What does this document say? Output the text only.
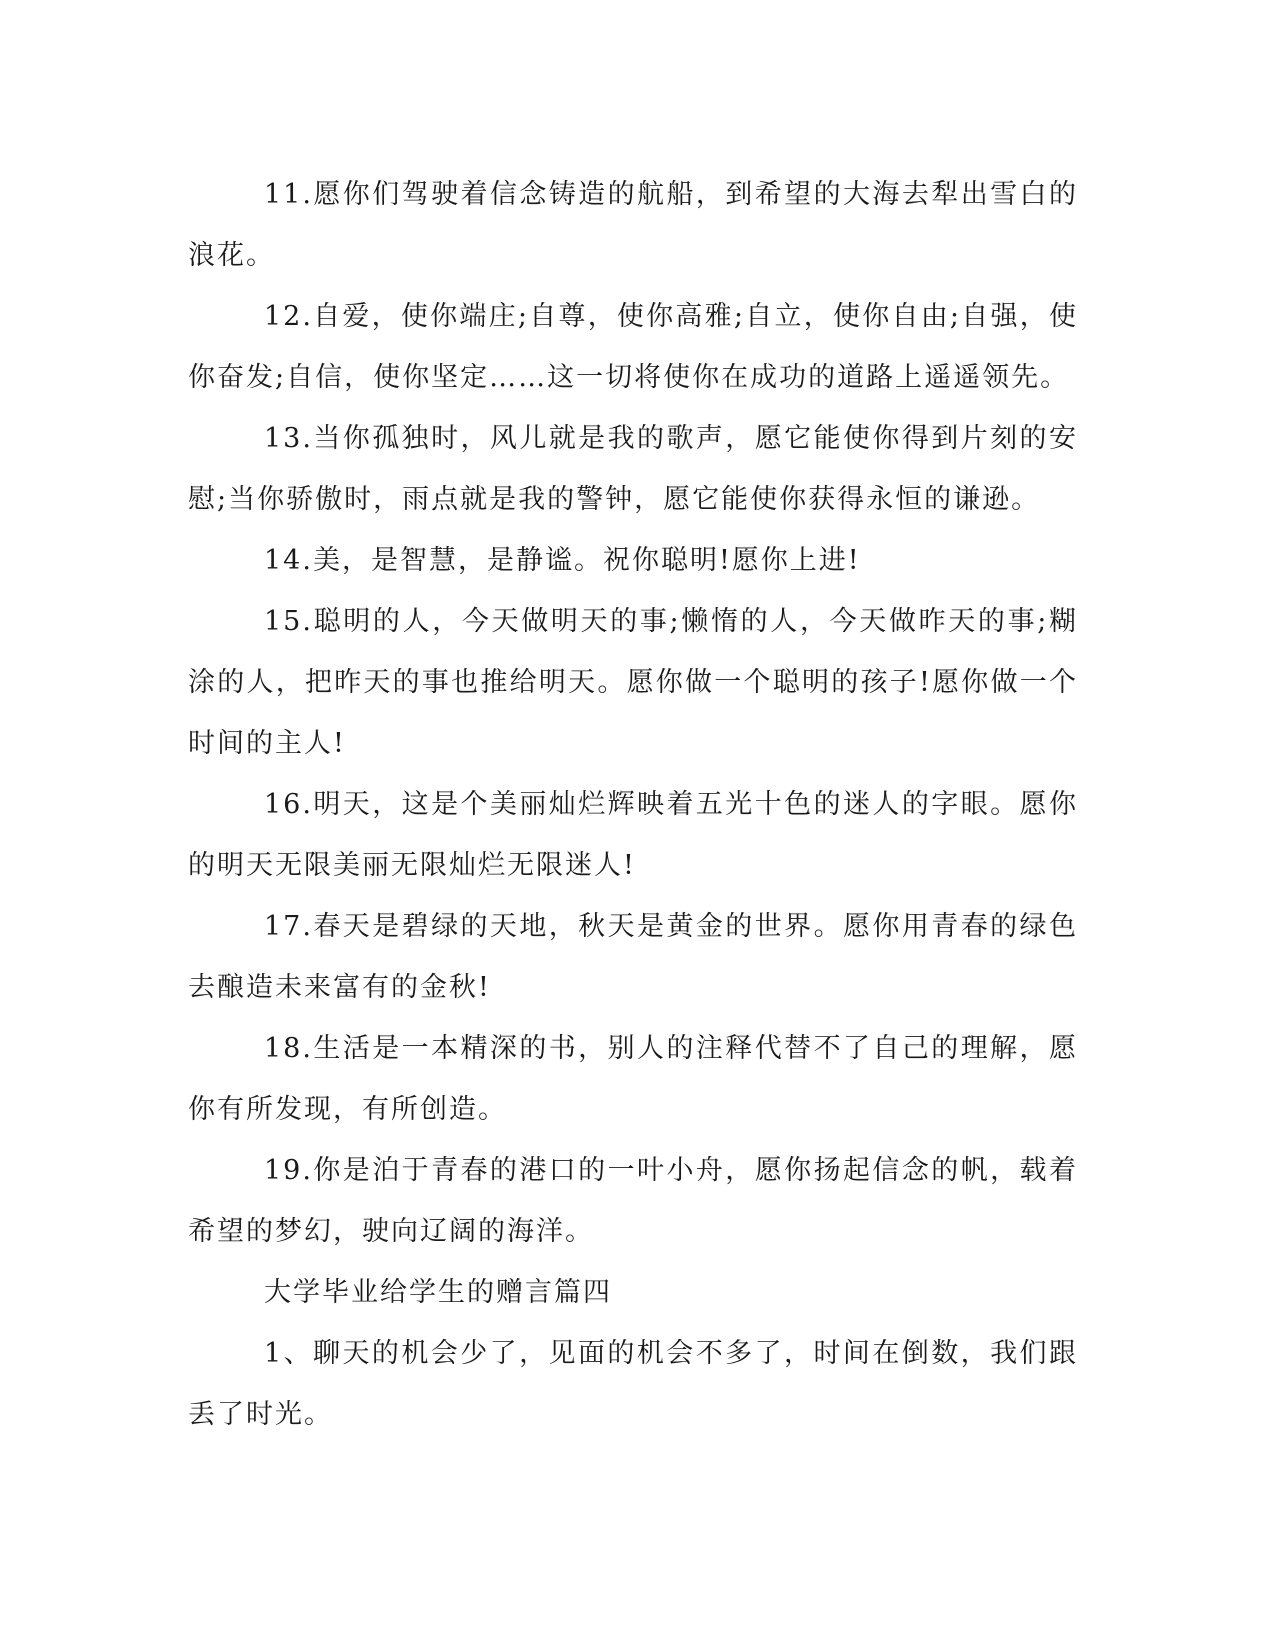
11.愿你们驾驶着信念铸造的航船，到希望的大海去犁出雪白的浪花。

12.自爱，使你端庄;自尊，使你高雅;自立，使你自由;自强，使你奋发;自信，使你坚定……这一切将使你在成功的道路上遥遥领先。

13.当你孤独时，风儿就是我的歌声，愿它能使你得到片刻的安慰;当你骄傲时，雨点就是我的警钟，愿它能使你获得永恒的谦逊。

14.美，是智慧，是静谧。祝你聪明!愿你上进!

15.聪明的人，今天做明天的事;懒惰的人，今天做昨天的事;糊涂的人，把昨天的事也推给明天。愿你做一个聪明的孩子!愿你做一个时间的主人!

16.明天，这是个美丽灿烂辉映着五光十色的迷人的字眼。愿你的明天无限美丽无限灿烂无限迷人!

17.春天是碧绿的天地，秋天是黄金的世界。愿你用青春的绿色去酿造未来富有的金秋!

18.生活是一本精深的书，别人的注释代替不了自己的理解，愿你有所发现，有所创造。

19.你是泊于青春的港口的一叶小舟，愿你扬起信念的帆，载着希望的梦幻，驶向辽阔的海洋。

大学毕业给学生的赠言篇四

1、聊天的机会少了，见面的机会不多了，时间在倒数，我们跟丢了时光。
